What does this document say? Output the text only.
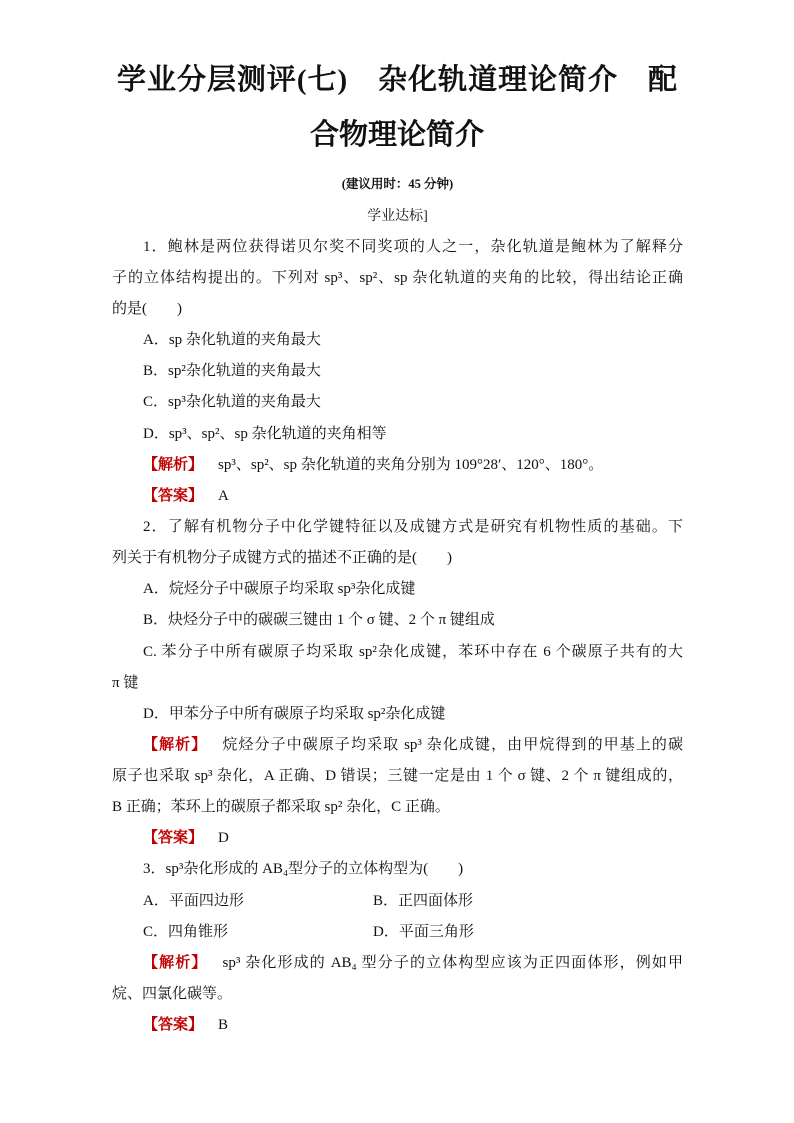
学业分层测评(七)　杂化轨道理论简介　配
合物理论简介
(建议用时：45 分钟)
学业达标]
1．鲍林是两位获得诺贝尔奖不同奖项的人之一，杂化轨道是鲍林为了解释分
子的立体结构提出的。下列对 sp³、sp²、sp 杂化轨道的夹角的比较，得出结论正确
的是(　　)
A．sp 杂化轨道的夹角最大
B．sp²杂化轨道的夹角最大
C．sp³杂化轨道的夹角最大
D．sp³、sp²、sp 杂化轨道的夹角相等
【解析】 sp³、sp²、sp 杂化轨道的夹角分别为 109°28′、120°、180°。
【答案】 A
2．了解有机物分子中化学键特征以及成键方式是研究有机物性质的基础。下
列关于有机物分子成键方式的描述不正确的是(　　)
A．烷烃分子中碳原子均采取 sp³杂化成键
B．炔烃分子中的碳碳三键由 1 个 σ 键、2 个 π 键组成
C. 苯分子中所有碳原子均采取 sp²杂化成键，苯环中存在 6 个碳原子共有的大
π 键
D．甲苯分子中所有碳原子均采取 sp²杂化成键
【解析】 烷烃分子中碳原子均采取 sp³ 杂化成键，由甲烷得到的甲基上的碳
原子也采取 sp³ 杂化，A 正确、D 错误；三键一定是由 1 个 σ 键、2 个 π 键组成的，
B 正确；苯环上的碳原子都采取 sp² 杂化，C 正确。
【答案】 D
3．sp³杂化形成的 AB₄型分子的立体构型为(　　)
A．平面四边形	B．正四面体形
C．四角锥形	D．平面三角形
【解析】 sp³ 杂化形成的 AB₄ 型分子的立体构型应该为正四面体形，例如甲
烷、四氯化碳等。
【答案】 B
